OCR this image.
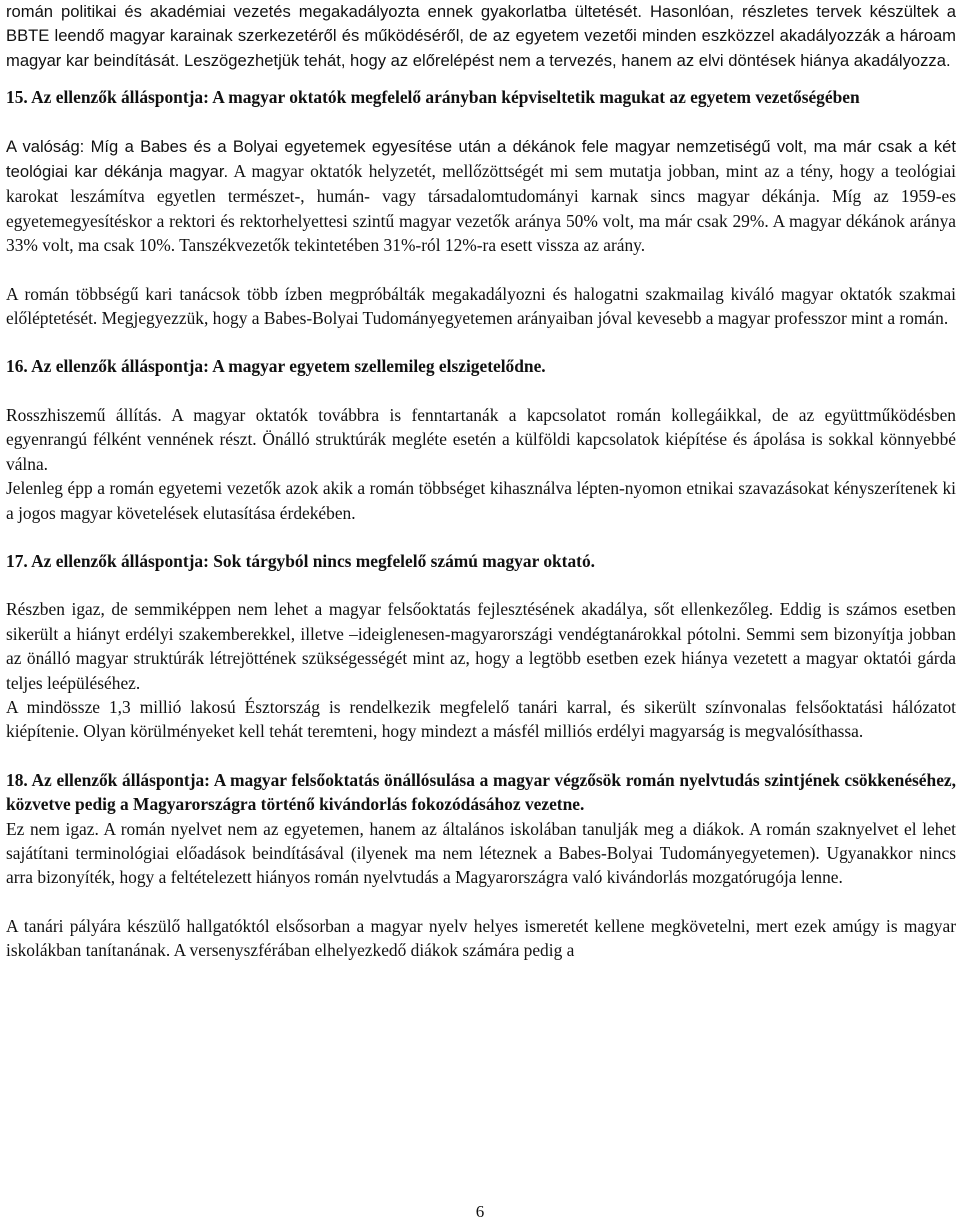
román politikai és akadémiai vezetés megakadályozta ennek gyakorlatba ültetését. Hasonlóan, részletes tervek készültek a BBTE leendő magyar karainak szerkezetéről és működéséről, de az egyetem vezetői minden eszközzel akadályozzák a hároam magyar kar beindítását. Leszögezhetjük tehát, hogy az előrelépést nem a tervezés, hanem az elvi döntések hiánya akadályozza.

15. Az ellenzők álláspontja: A magyar oktatók megfelelő arányban képviseltetik magukat az egyetem vezetőségében

A valóság: Míg a Babes és a Bolyai egyetemek egyesítése után a dékánok fele magyar nemzetiségű volt, ma már csak a két teológiai kar dékánja magyar. A magyar oktatók helyzetét, mellőzöttségét mi sem mutatja jobban, mint az a tény, hogy a teológiai karokat leszámítva egyetlen természet-, humán- vagy társadalomtudományi karnak sincs magyar dékánja. Míg az 1959-es egyetemegyesítéskor a rektori és rektorhelyettesi szintű magyar vezetők aránya 50% volt, ma már csak 29%. A magyar dékánok aránya 33% volt, ma csak 10%. Tanszékvezetők tekintetében 31%-ról 12%-ra esett vissza az arány.

A román többségű kari tanácsok több ízben megpróbálták megakadályozni és halogatni szakmailag kiváló magyar oktatók szakmai előléptetését. Megjegyezzük, hogy a Babes-Bolyai Tudományegyetemen arányaiban jóval kevesebb a magyar professzor mint a román.

16. Az ellenzők álláspontja: A magyar egyetem szellemileg elszigetelődne.

Rosszhiszemű állítás. A magyar oktatók továbbra is fenntartanák a kapcsolatot román kollegáikkal, de az együttműködésben egyenrangú félként vennének részt. Önálló struktúrák megléte esetén a külföldi kapcsolatok kiépítése és ápolása is sokkal könnyebbé válna.

Jelenleg épp a román egyetemi vezetők azok akik a román többséget kihasználva lépten-nyomon etnikai szavazásokat kényszerítenek ki a jogos magyar követelések elutasítása érdekében.

17. Az ellenzők álláspontja: Sok tárgyból nincs megfelelő számú magyar oktató.

Részben igaz, de semmiképpen nem lehet a magyar felsőoktatás fejlesztésének akadálya, sőt ellenkezőleg. Eddig is számos esetben sikerült a hiányt erdélyi szakemberekkel, illetve –ideiglenesen-magyarországi vendégtanárokkal pótolni. Semmi sem bizonyítja jobban az önálló magyar struktúrák létrejöttének szükségességét mint az, hogy a legtöbb esetben ezek hiánya vezetett a magyar oktatói gárda teljes leépüléséhez.

A mindössze 1,3 millió lakosú Észtország is rendelkezik megfelelő tanári karral, és sikerült színvonalas felsőoktatási hálózatot kiépítenie. Olyan körülményeket kell tehát teremteni, hogy mindezt a másfél milliós erdélyi magyarság is megvalósíthassa.

18. Az ellenzők álláspontja: A magyar felsőoktatás önállósulása a magyar végzősök román nyelvtudás szintjének csökkenéséhez, közvetve pedig a Magyarországra történő kivándorlás fokozódásához vezetne.

Ez nem igaz. A román nyelvet nem az egyetemen, hanem az általános iskolában tanulják meg a diákok. A román szaknyelvet el lehet sajátítani terminológiai előadások beindításával (ilyenek ma nem léteznek a Babes-Bolyai Tudományegyetemen). Ugyanakkor nincs arra bizonyíték, hogy a feltételezett hiányos román nyelvtudás a Magyarországra való kivándorlás mozgatórugója lenne.

A tanári pályára készülő hallgatóktól elsősorban a magyar nyelv helyes ismeretét kellene megkövetelni, mert ezek amúgy is magyar iskolákban tanítanának. A versenyszférában elhelyezkedő diákok számára pedig a

6
